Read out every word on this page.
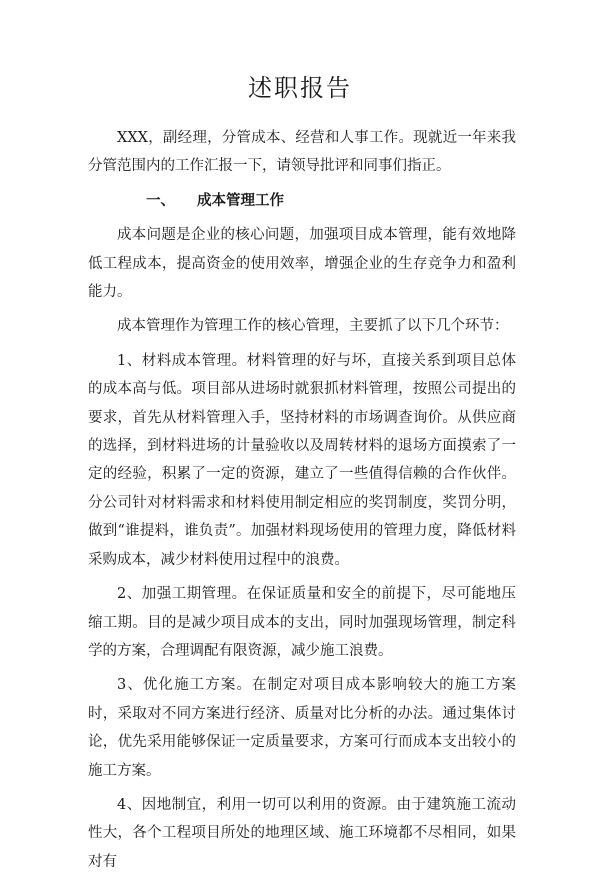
述职报告

XXX，副经理，分管成本、经营和人事工作。现就近一年来我分管范围内的工作汇报一下，请领导批评和同事们指正。

一、 成本管理工作

成本问题是企业的核心问题，加强项目成本管理，能有效地降低工程成本，提高资金的使用效率，增强企业的生存竞争力和盈利能力。

成本管理作为管理工作的核心管理，主要抓了以下几个环节：

1、材料成本管理。材料管理的好与坏，直接关系到项目总体的成本高与低。项目部从进场时就狠抓材料管理，按照公司提出的要求，首先从材料管理入手，坚持材料的市场调查询价。从供应商的选择，到材料进场的计量验收以及周转材料的退场方面摸索了一定的经验，积累了一定的资源，建立了一些值得信赖的合作伙伴。分公司针对材料需求和材料使用制定相应的奖罚制度，奖罚分明，做到“谁提料，谁负责”。加强材料现场使用的管理力度，降低材料采购成本，减少材料使用过程中的浪费。

2、加强工期管理。在保证质量和安全的前提下，尽可能地压缩工期。目的是减少项目成本的支出，同时加强现场管理，制定科学的方案，合理调配有限资源，减少施工浪费。

3、优化施工方案。在制定对项目成本影响较大的施工方案时，采取对不同方案进行经济、质量对比分析的办法。通过集体讨论，优先采用能够保证一定质量要求，方案可行而成本支出较小的施工方案。

4、因地制宜，利用一切可以利用的资源。由于建筑施工流动性大，各个工程项目所处的地理区域、施工环境都不尽相同，如果对有
